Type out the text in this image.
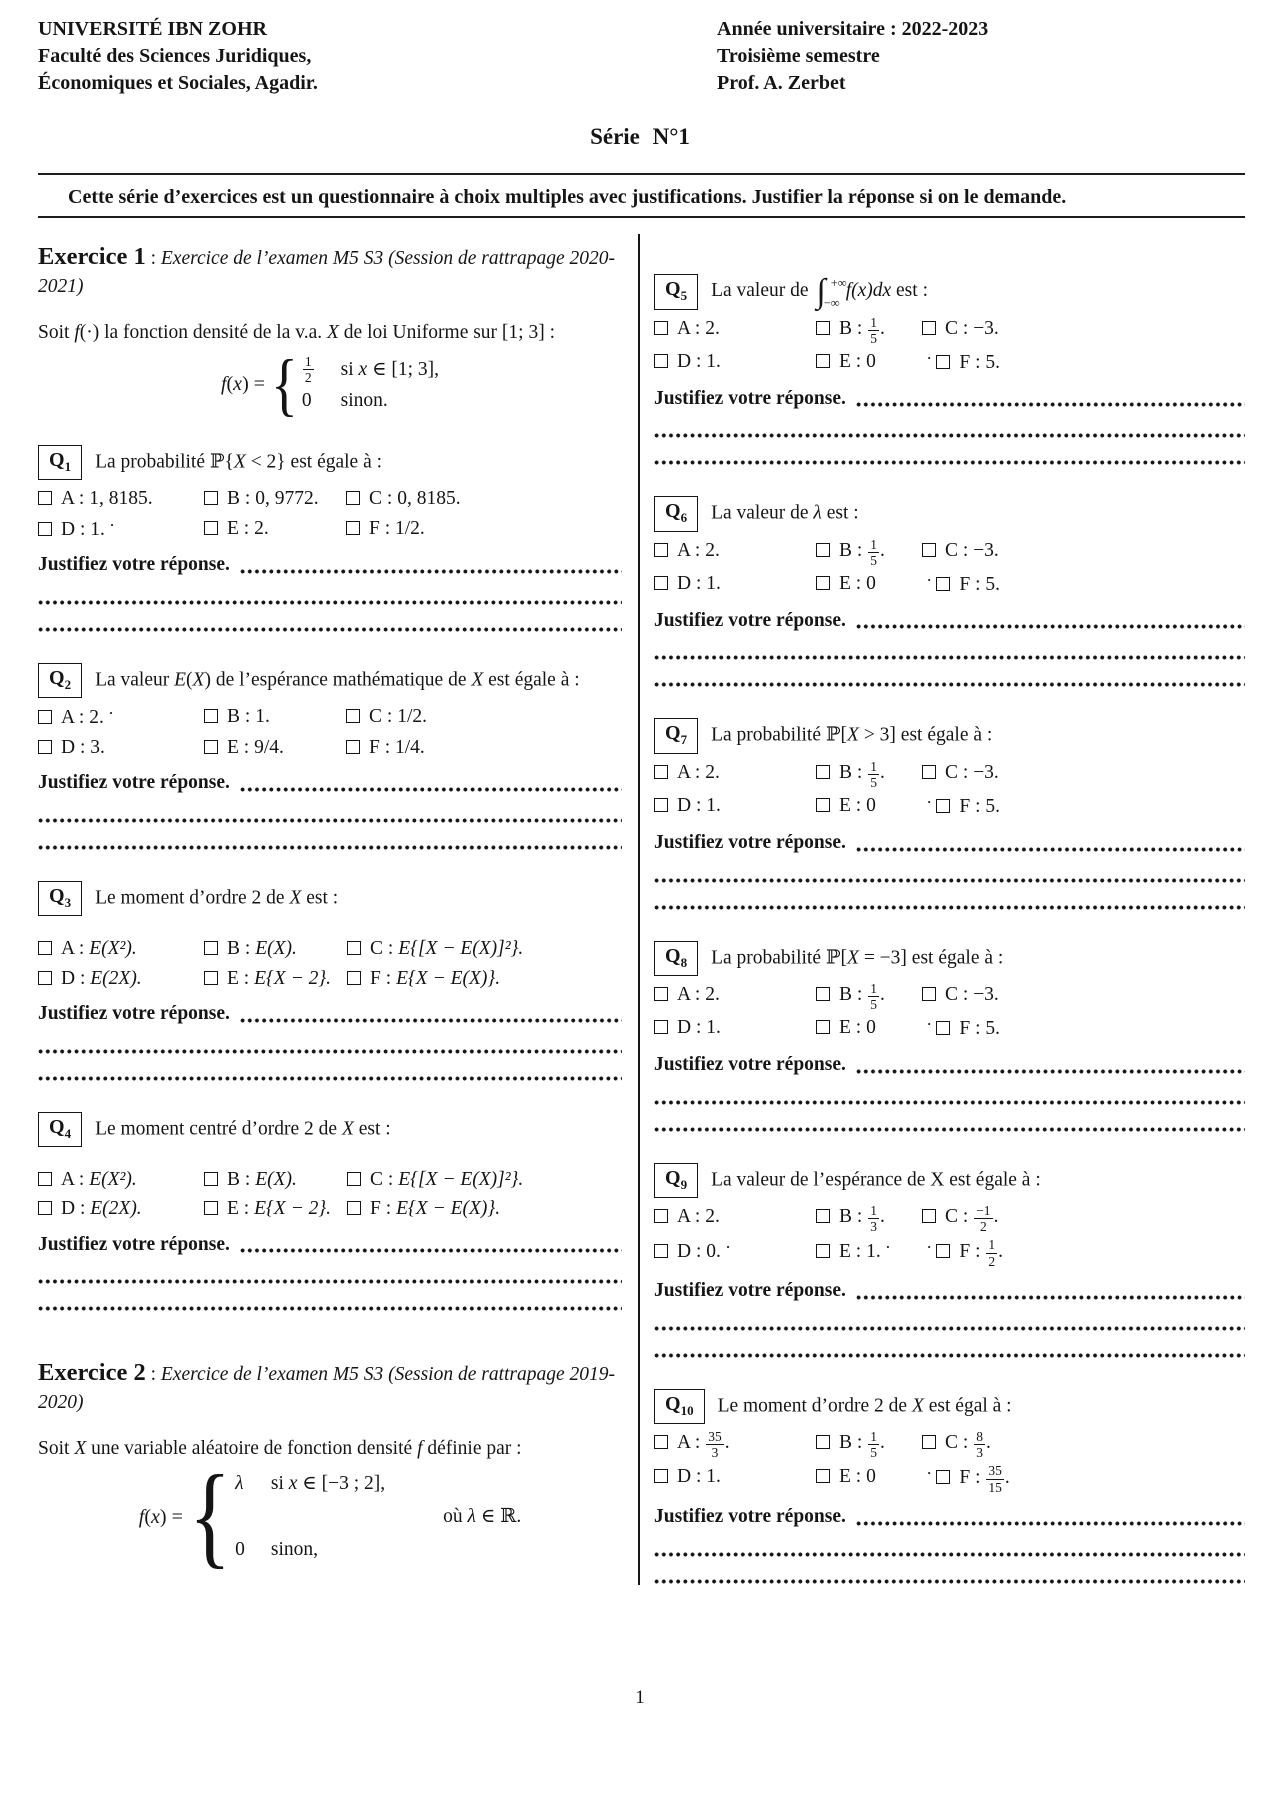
UNIVERSITÉ IBN ZOHR
Faculté des Sciences Juridiques,
Économiques et Sociales, Agadir.
Année universitaire : 2022-2023
Troisième semestre
Prof. A. Zerbet
Série N°1
Cette série d’exercices est un questionnaire à choix multiples avec justifications. Justifier la réponse si on le demande.
Exercice 1 : Exercice de l’examen M5 S3 (Session de rattrapage 2020-2021)
Soit f(·) la fonction densité de la v.a. X de loi Uniforme sur [1; 3] :
f(x) = { $\frac{1}{2}$ si x ∈ [1; 3],
0 sinon.
$Q_1$ La probabilité ℙ{X < 2} est égale à :
A : 1, 8185.	B : 0, 9772.	C : 0, 8185.
D : 1. ·	E : 2.	F : 1/2.
Justifiez votre réponse.
$Q_2$ La valeur E(X) de l’espérance mathématique de X est égale à :
A : 2. ·	B : 1.	C : 1/2.
D : 3.	E : 9/4.	F : 1/4.
Justifiez votre réponse.
$Q_3$ Le moment d’ordre 2 de X est :
A : E(X²).	B : E(X).	C : E{[X − E(X)]²}.
D : E(2X).	E : E{X − 2}.	F : E{X − E(X)}.
Justifiez votre réponse.
$Q_4$ Le moment centré d’ordre 2 de X est :
A : E(X²).	B : E(X).	C : E{[X − E(X)]²}.
D : E(2X).	E : E{X − 2}.	F : E{X − E(X)}.
Justifiez votre réponse.
Exercice 2 : Exercice de l’examen M5 S3 (Session de rattrapage 2019-2020)
Soit X une variable aléatoire de fonction densité f définie par :
f(x) = { λ si x ∈ [−3 ; 2],
0 sinon,
où λ ∈ ℝ.
$Q_5$ La valeur de ∫ +∞
−∞
f(x)dx est :
A : 2.	B : $\frac{1}{5}$ .	C : −3.
D : 1.	E : 0	· F : 5.
Justifiez votre réponse.
$Q_6$ La valeur de λ est :
A : 2.	B : $\frac{1}{5}$ .	C : −3.
D : 1.	E : 0	· F : 5.
Justifiez votre réponse.
$Q_7$ La probabilité ℙ[X > 3] est égale à :
A : 2.	B : $\frac{1}{5}$ .	C : −3.
D : 1.	E : 0	· F : 5.
Justifiez votre réponse.
$Q_8$ La probabilité ℙ[X = −3] est égale à :
A : 2.	B : $\frac{1}{5}$ .	C : −3.
D : 1.	E : 0	· F : 5.
Justifiez votre réponse.
$Q_9$ La valeur de l’espérance de X est égale à :
A : 2.	B : $\frac{1}{3}$ .	C : $\frac{-1}{2}$ .
D : 0. ·	E : 1. ·	· F : $\frac{1}{2}$ .
Justifiez votre réponse.
$Q_{10}$ Le moment d’ordre 2 de X est égal à :
A : $\frac{35}{3}$ .	B : $\frac{1}{5}$ .	C : $\frac{8}{3}$ .
D : 1.	E : 0	· F : $\frac{35}{15}$ .
Justifiez votre réponse.
1
